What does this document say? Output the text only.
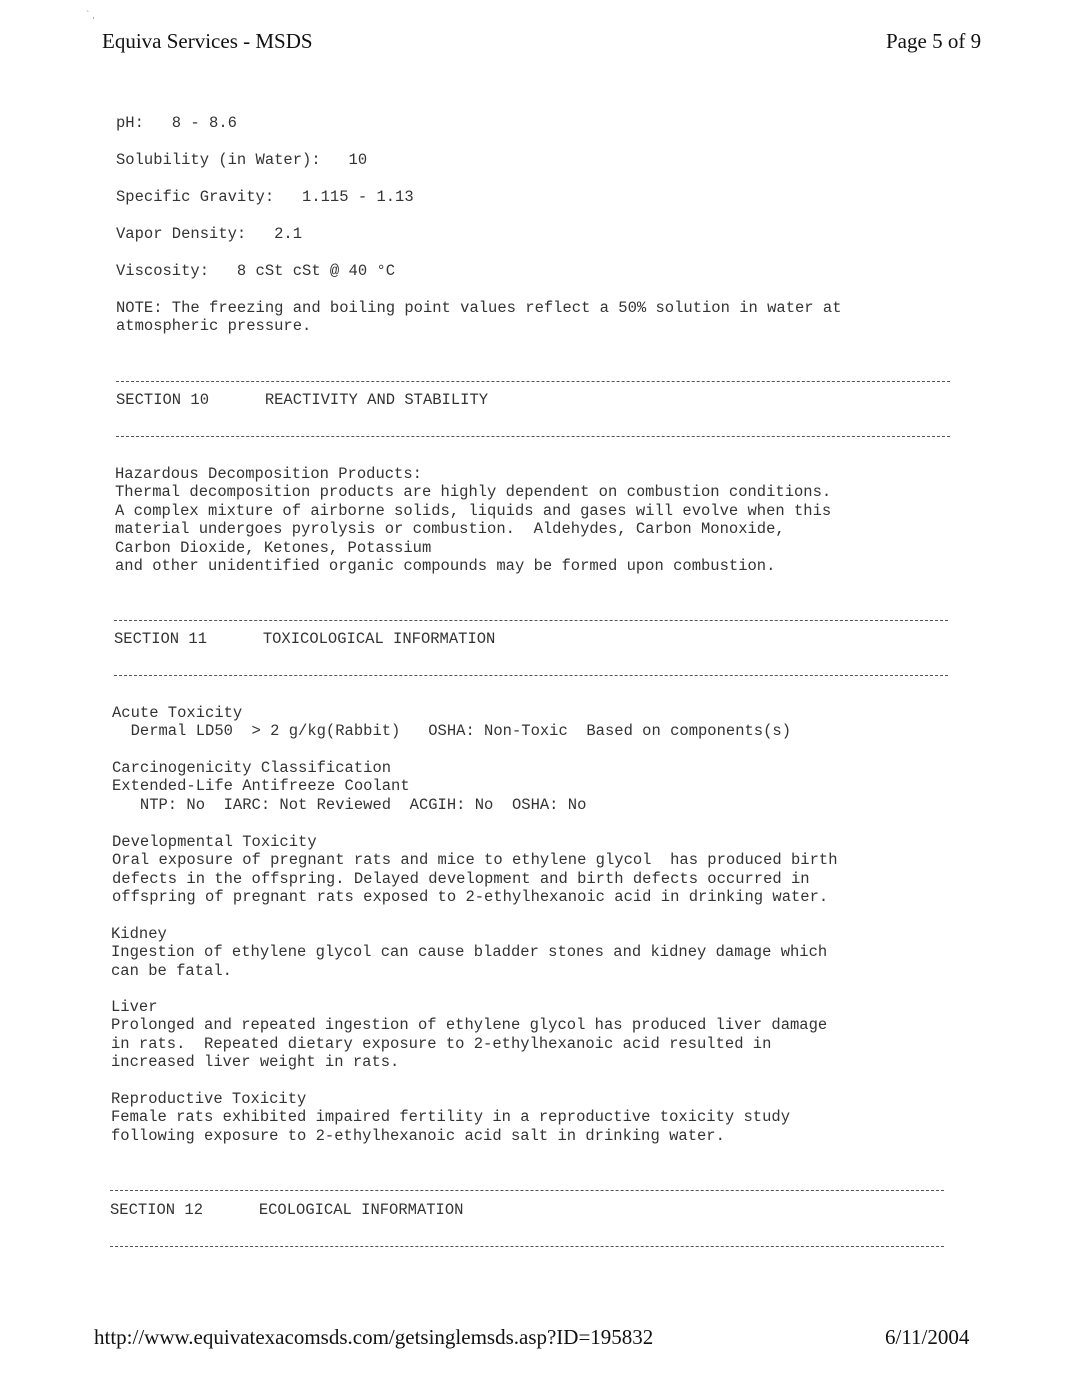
` ,
Equiva Services - MSDS	Page 5 of 9
pH:   8 - 8.6
Solubility (in Water):   10
Specific Gravity:   1.115 - 1.13
Vapor Density:   2.1
Viscosity:   8 cSt cSt @ 40 °C
NOTE: The freezing and boiling point values reflect a 50% solution in water at
atmospheric pressure.
SECTION 10      REACTIVITY AND STABILITY
Hazardous Decomposition Products:
Thermal decomposition products are highly dependent on combustion conditions.
A complex mixture of airborne solids, liquids and gases will evolve when this
material undergoes pyrolysis or combustion.  Aldehydes, Carbon Monoxide,
Carbon Dioxide, Ketones, Potassium
and other unidentified organic compounds may be formed upon combustion.
SECTION 11      TOXICOLOGICAL INFORMATION
Acute Toxicity
Dermal LD50  > 2 g/kg(Rabbit)   OSHA: Non-Toxic  Based on components(s)
Carcinogenicity Classification
Extended-Life Antifreeze Coolant
NTP: No  IARC: Not Reviewed  ACGIH: No  OSHA: No
Developmental Toxicity
Oral exposure of pregnant rats and mice to ethylene glycol  has produced birth
defects in the offspring. Delayed development and birth defects occurred in
offspring of pregnant rats exposed to 2-ethylhexanoic acid in drinking water.
Kidney
Ingestion of ethylene glycol can cause bladder stones and kidney damage which
can be fatal.
Liver
Prolonged and repeated ingestion of ethylene glycol has produced liver damage
in rats.  Repeated dietary exposure to 2-ethylhexanoic acid resulted in
increased liver weight in rats.
Reproductive Toxicity
Female rats exhibited impaired fertility in a reproductive toxicity study
following exposure to 2-ethylhexanoic acid salt in drinking water.
SECTION 12      ECOLOGICAL INFORMATION
http://www.equivatexacomsds.com/getsinglemsds.asp?ID=195832	6/11/2004
